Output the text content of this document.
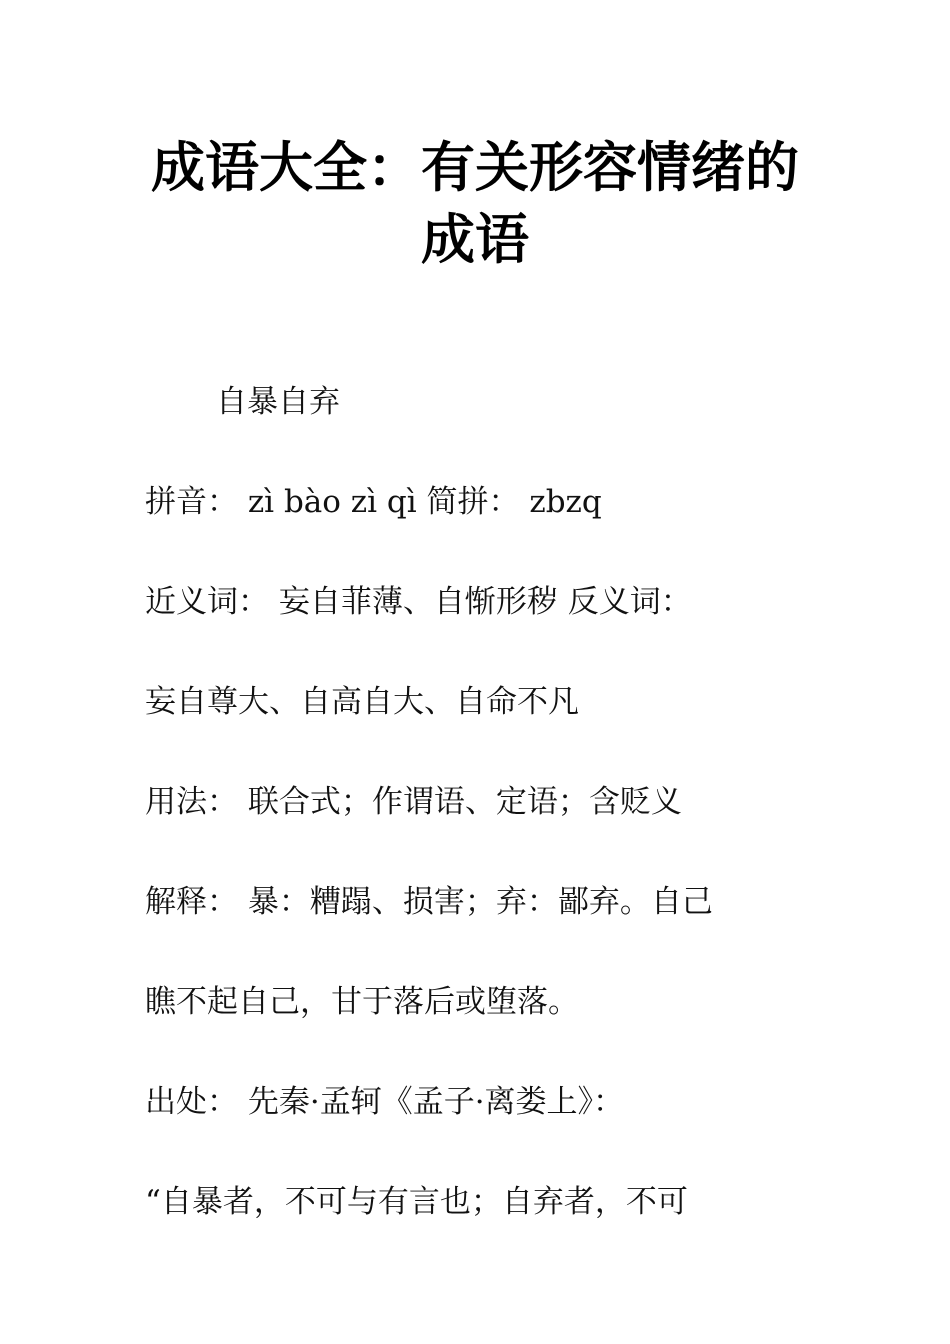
成语大全：有关形容情绪的成语

自暴自弃

拼音： zì bào zì qì 简拼： zbzq

近义词： 妄自菲薄、自惭形秽 反义词：

妄自尊大、自高自大、自命不凡

用法： 联合式；作谓语、定语；含贬义

解释： 暴：糟蹋、损害；弃：鄙弃。自己

瞧不起自己，甘于落后或堕落。

出处： 先秦·孟轲《孟子·离娄上》：

“自暴者，不可与有言也；自弃者，不可
